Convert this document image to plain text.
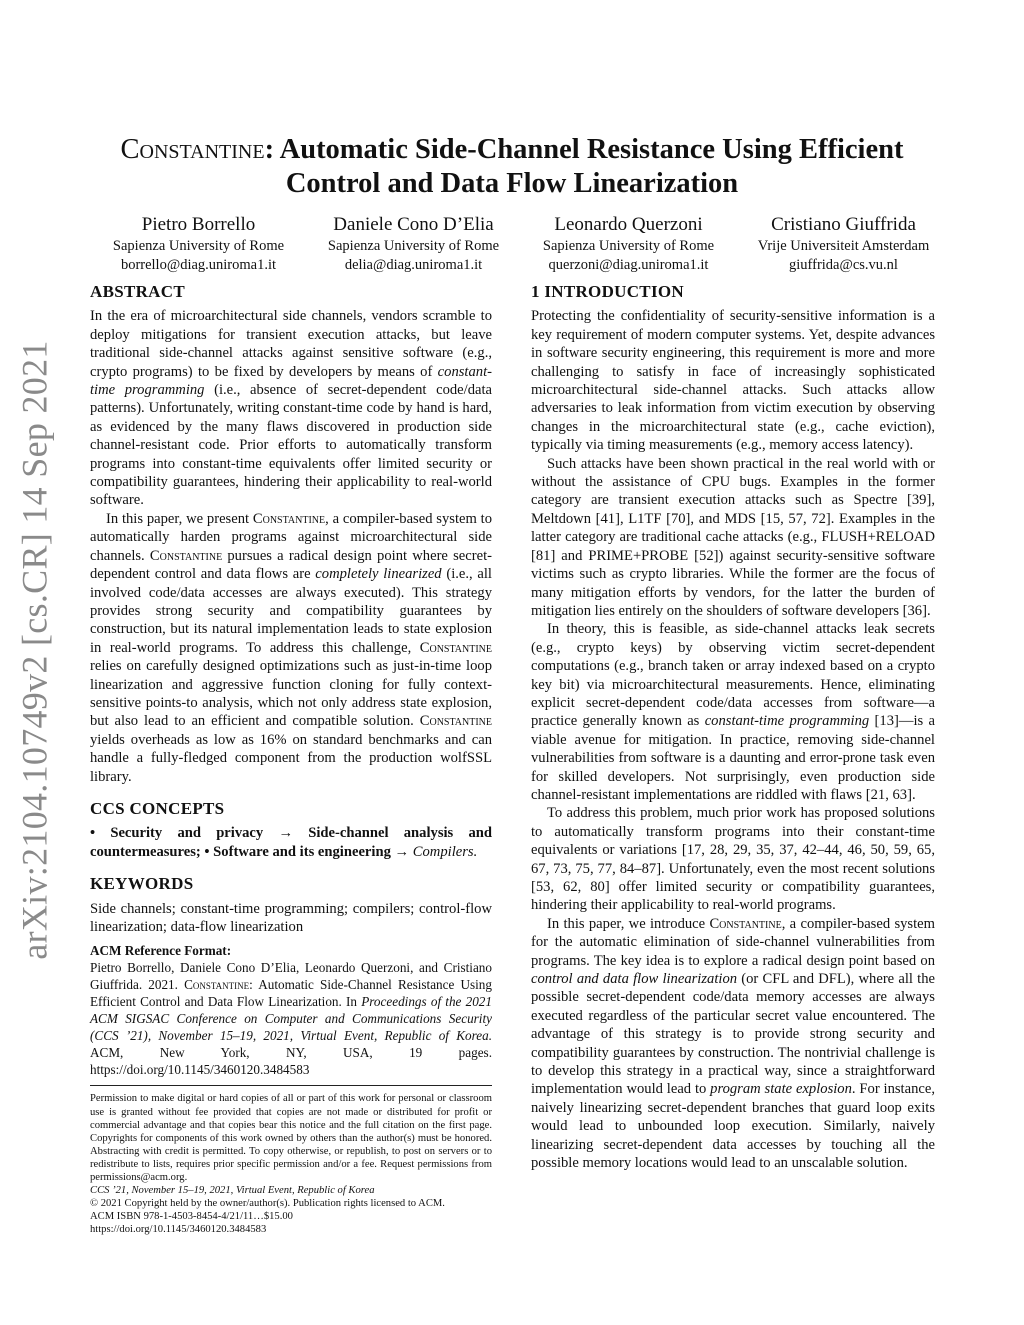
arXiv:2104.10749v2 [cs.CR] 14 Sep 2021
Constantine: Automatic Side-Channel Resistance Using Efficient Control and Data Flow Linearization
Pietro Borrello
Sapienza University of Rome
borrello@diag.uniroma1.it
Daniele Cono D’Elia
Sapienza University of Rome
delia@diag.uniroma1.it
Leonardo Querzoni
Sapienza University of Rome
querzoni@diag.uniroma1.it
Cristiano Giuffrida
Vrije Universiteit Amsterdam
giuffrida@cs.vu.nl
ABSTRACT

In the era of microarchitectural side channels, vendors scramble to deploy mitigations for transient execution attacks, but leave traditional side-channel attacks against sensitive software (e.g., crypto programs) to be fixed by developers by means of constant-time programming (i.e., absence of secret-dependent code/data patterns). Unfortunately, writing constant-time code by hand is hard, as evidenced by the many flaws discovered in production side channel-resistant code. Prior efforts to automatically transform programs into constant-time equivalents offer limited security or compatibility guarantees, hindering their applicability to real-world software.

In this paper, we present Constantine, a compiler-based system to automatically harden programs against microarchitectural side channels. Constantine pursues a radical design point where secret-dependent control and data flows are completely linearized (i.e., all involved code/data accesses are always executed). This strategy provides strong security and compatibility guarantees by construction, but its natural implementation leads to state explosion in real-world programs. To address this challenge, Constantine relies on carefully designed optimizations such as just-in-time loop linearization and aggressive function cloning for fully context-sensitive points-to analysis, which not only address state explosion, but also lead to an efficient and compatible solution. Constantine yields overheads as low as 16% on standard benchmarks and can handle a fully-fledged component from the production wolfSSL library.

CCS CONCEPTS

• Security and privacy → Side-channel analysis and countermeasures; • Software and its engineering → Compilers.

KEYWORDS

Side channels; constant-time programming; compilers; control-flow linearization; data-flow linearization

ACM Reference Format:
Pietro Borrello, Daniele Cono D’Elia, Leonardo Querzoni, and Cristiano Giuffrida. 2021. Constantine: Automatic Side-Channel Resistance Using Efficient Control and Data Flow Linearization. In Proceedings of the 2021 ACM SIGSAC Conference on Computer and Communications Security (CCS ’21), November 15–19, 2021, Virtual Event, Republic of Korea. ACM, New York, NY, USA, 19 pages. https://doi.org/10.1145/3460120.3484583
Permission to make digital or hard copies of all or part of this work for personal or classroom use is granted without fee provided that copies are not made or distributed for profit or commercial advantage and that copies bear this notice and the full citation on the first page. Copyrights for components of this work owned by others than the author(s) must be honored. Abstracting with credit is permitted. To copy otherwise, or republish, to post on servers or to redistribute to lists, requires prior specific permission and/or a fee. Request permissions from permissions@acm.org.
CCS ’21, November 15–19, 2021, Virtual Event, Republic of Korea
© 2021 Copyright held by the owner/author(s). Publication rights licensed to ACM.
ACM ISBN 978-1-4503-8454-4/21/11…$15.00
https://doi.org/10.1145/3460120.3484583
1 INTRODUCTION

Protecting the confidentiality of security-sensitive information is a key requirement of modern computer systems. Yet, despite advances in software security engineering, this requirement is more and more challenging to satisfy in face of increasingly sophisticated microarchitectural side-channel attacks. Such attacks allow adversaries to leak information from victim execution by observing changes in the microarchitectural state (e.g., cache eviction), typically via timing measurements (e.g., memory access latency).

Such attacks have been shown practical in the real world with or without the assistance of CPU bugs. Examples in the former category are transient execution attacks such as Spectre [39], Meltdown [41], L1TF [70], and MDS [15, 57, 72]. Examples in the latter category are traditional cache attacks (e.g., FLUSH+RELOAD [81] and PRIME+PROBE [52]) against security-sensitive software victims such as crypto libraries. While the former are the focus of many mitigation efforts by vendors, for the latter the burden of mitigation lies entirely on the shoulders of software developers [36].

In theory, this is feasible, as side-channel attacks leak secrets (e.g., crypto keys) by observing victim secret-dependent computations (e.g., branch taken or array indexed based on a crypto key bit) via microarchitectural measurements. Hence, eliminating explicit secret-dependent code/data accesses from software—a practice generally known as constant-time programming [13]—is a viable avenue for mitigation. In practice, removing side-channel vulnerabilities from software is a daunting and error-prone task even for skilled developers. Not surprisingly, even production side channel-resistant implementations are riddled with flaws [21, 63].

To address this problem, much prior work has proposed solutions to automatically transform programs into their constant-time equivalents or variations [17, 28, 29, 35, 37, 42–44, 46, 50, 59, 65, 67, 73, 75, 77, 84–87]. Unfortunately, even the most recent solutions [53, 62, 80] offer limited security or compatibility guarantees, hindering their applicability to real-world programs.

In this paper, we introduce Constantine, a compiler-based system for the automatic elimination of side-channel vulnerabilities from programs. The key idea is to explore a radical design point based on control and data flow linearization (or CFL and DFL), where all the possible secret-dependent code/data memory accesses are always executed regardless of the particular secret value encountered. The advantage of this strategy is to provide strong security and compatibility guarantees by construction. The nontrivial challenge is to develop this strategy in a practical way, since a straightforward implementation would lead to program state explosion. For instance, naively linearizing secret-dependent branches that guard loop exits would lead to unbounded loop execution. Similarly, naively linearizing secret-dependent data accesses by touching all the possible memory locations would lead to an unscalable solution.
